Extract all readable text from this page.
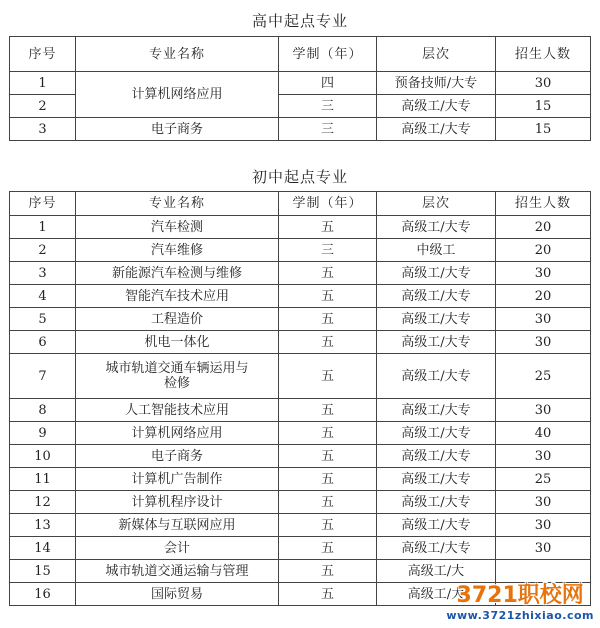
高中起点专业
序号	专业名称	学制（年）	层次	招生人数
1	计算机网络应用	四	预备技师/大专	30
2		三	高级工/大专	15
3	电子商务	三	高级工/大专	15
初中起点专业
序号	专业名称	学制（年）	层次	招生人数
1	汽车检测	五	高级工/大专	20
2	汽车维修	三	中级工	20
3	新能源汽车检测与维修	五	高级工/大专	30
4	智能汽车技术应用	五	高级工/大专	20
5	工程造价	五	高级工/大专	30
6	机电一体化	五	高级工/大专	30
7	城市轨道交通车辆运用与检修	五	高级工/大专	25
8	人工智能技术应用	五	高级工/大专	30
9	计算机网络应用	五	高级工/大专	40
10	电子商务	五	高级工/大专	30
11	计算机广告制作	五	高级工/大专	25
12	计算机程序设计	五	高级工/大专	30
13	新媒体与互联网应用	五	高级工/大专	30
14	会计	五	高级工/大专	30
15	城市轨道交通运输与管理	五	高级工/大	
16	国际贸易	五	高级工/大	
3721职校网
www.3721zhixiao.com
